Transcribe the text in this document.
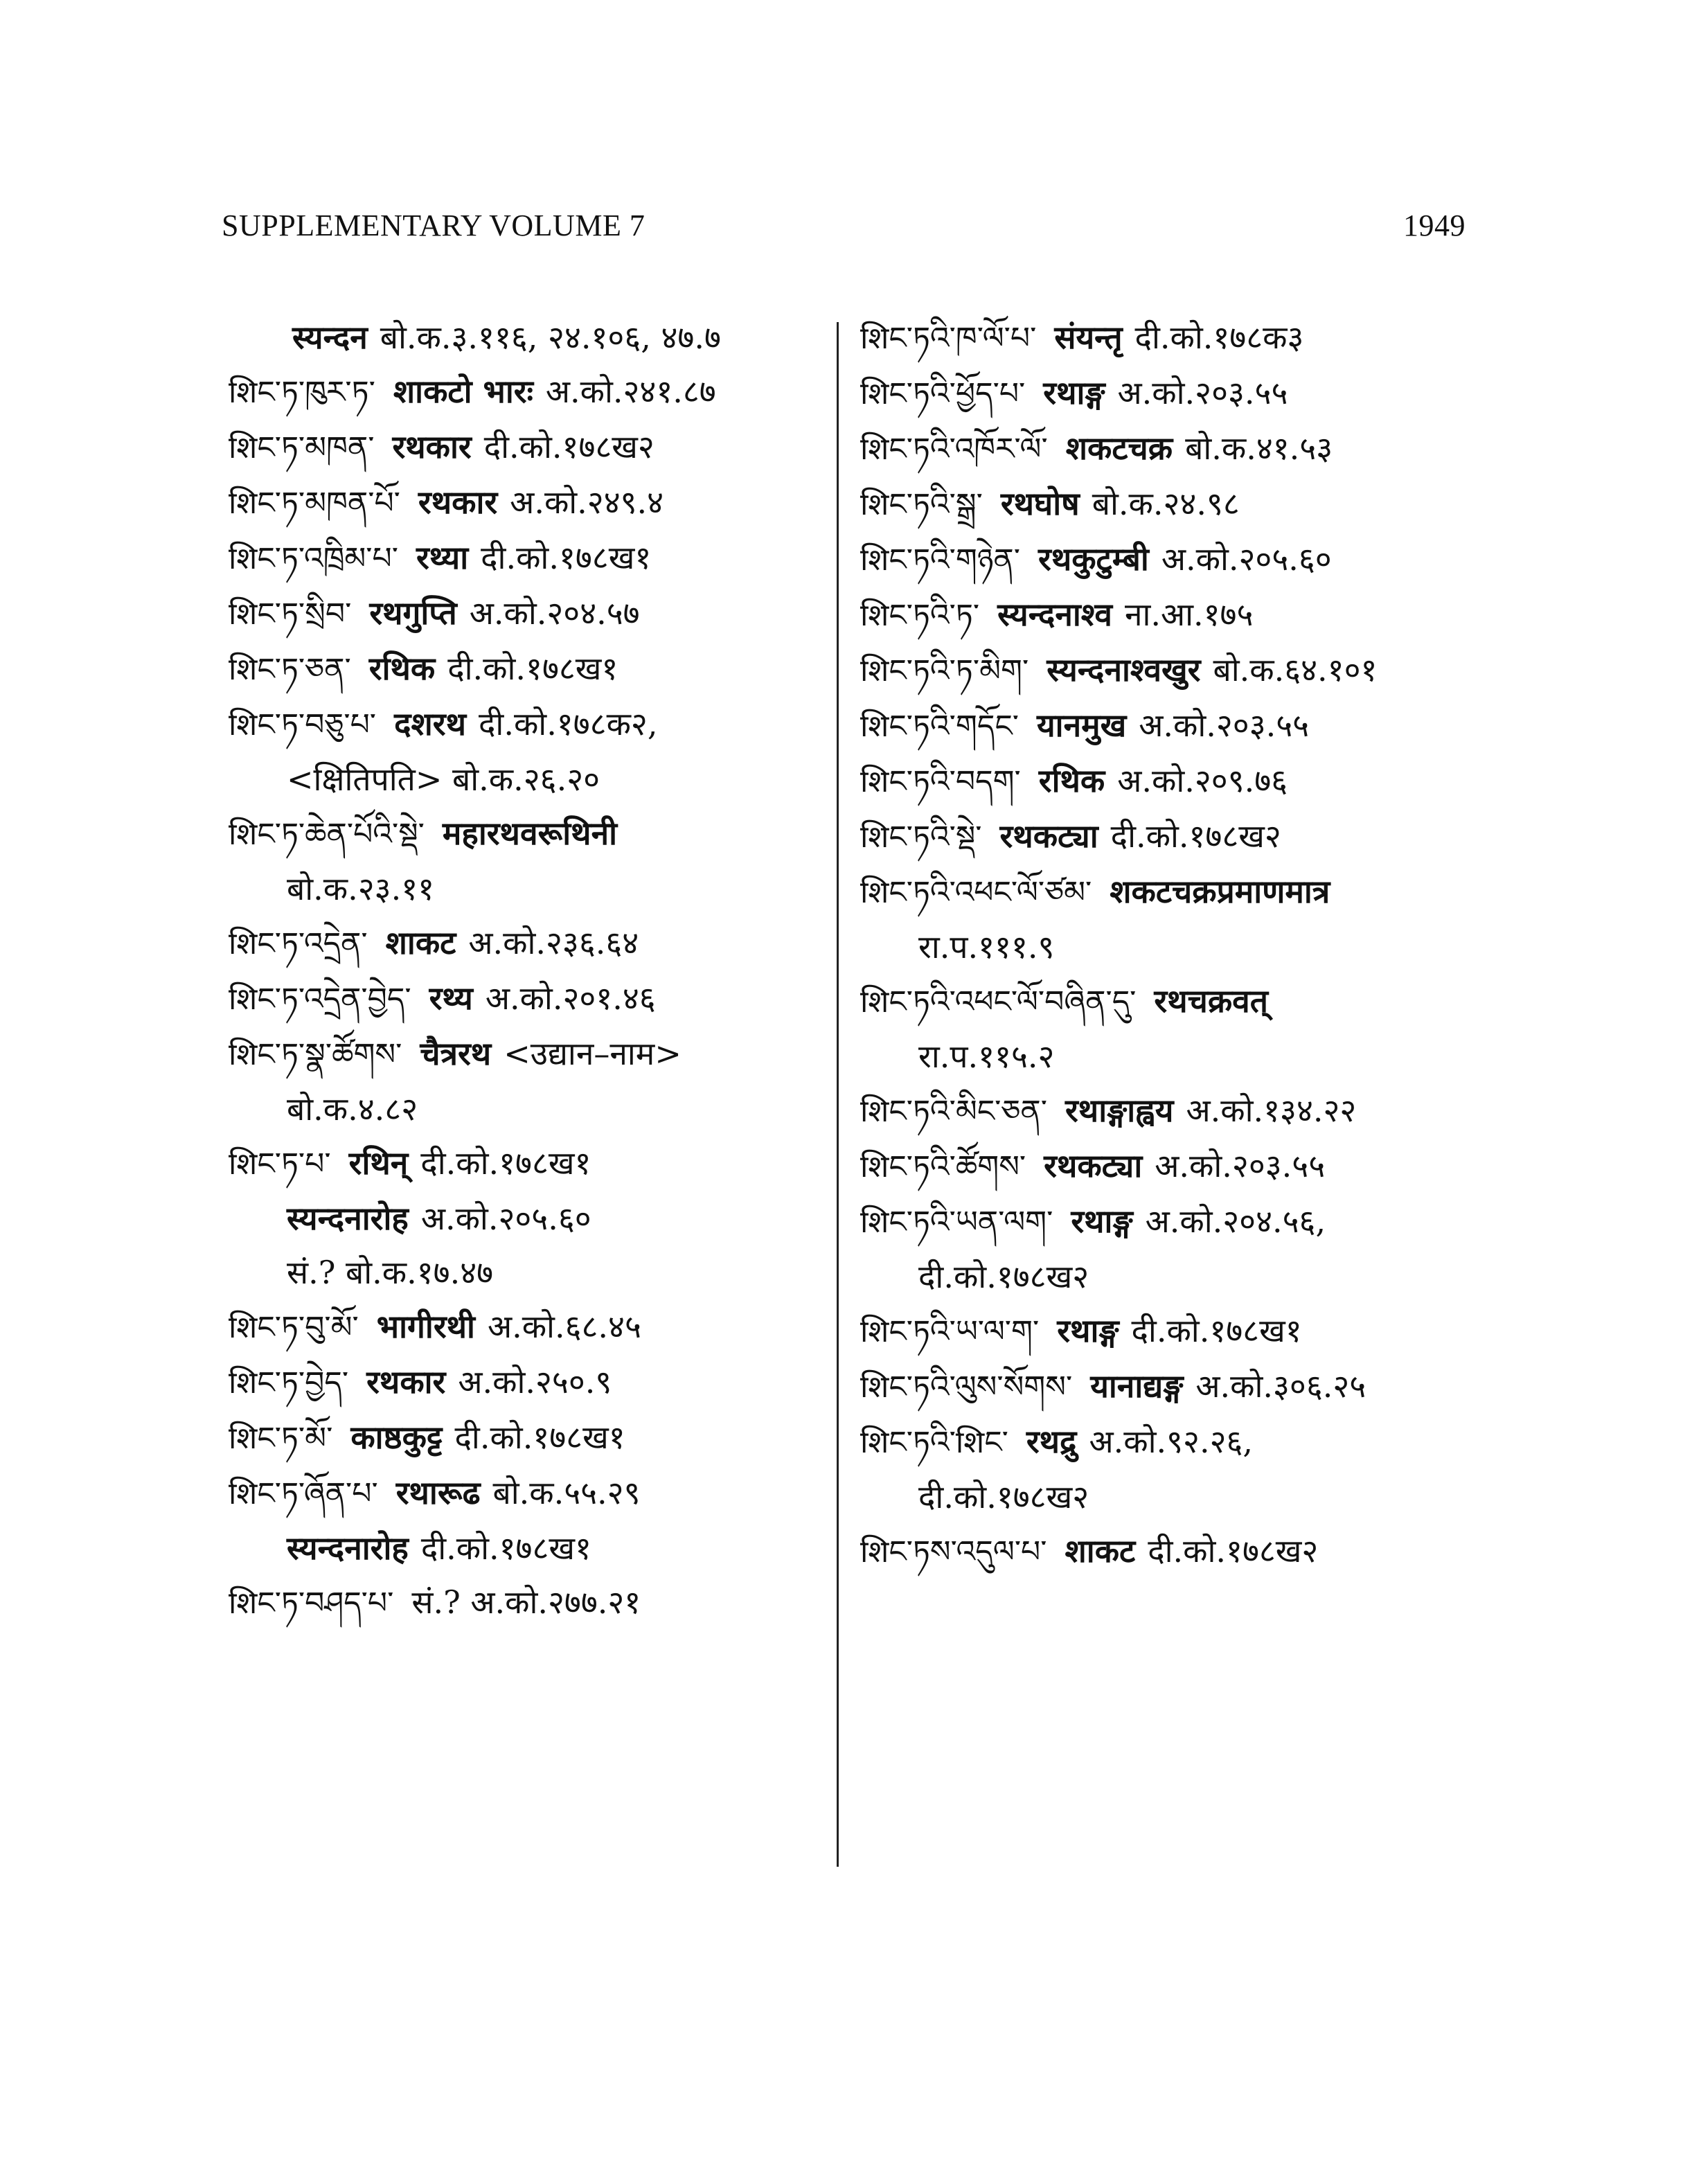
SUPPLEMENTARY VOLUME 7	1949
स्यन्दन बो.क.३.११६, २४.१०६, ४७.७
शिང་ཏ་ཁུར་ཏ་ शाकटो भारः अ.को.२४१.८७
शिང་ཏ་མཁན་ रथकार दी.को.१७८ख२
शिང་ཏ་མཁན་པོ་ रथकार अ.को.२४९.४
शिང་ཏ་འཁྲིམ་པ་ रथ्या दी.को.१७८ख१
शिང་ཏ་སྲིབ་ रथगुप्ति अ.को.२०४.५७
शिང་ཏ་ཅན་ रथिक दी.को.१७८ख१
शिང་ཏ་བཅུ་པ་ दशरथ दी.को.१७८क२,
<क्षितिपति> बो.क.२६.२०
शिང་ཏ་ཆེན་པོའི་སྡེ་ महारथवरूथिनी
बो.क.२३.११
शिང་ཏ་འདྲེན་ शाकट अ.को.२३६.६४
शिང་ཏ་འདྲེན་བྱེད་ रथ्य अ.को.२०१.४६
शिང་ཏ་སྣ་ཚོགས་ चैत्ररथ <उद्यान–नाम>
बो.क.४.८२
शिང་ཏ་པ་ रथिन् दी.को.१७८ख१
स्यन्दनारोह अ.को.२०५.६०
सं.? बो.क.१७.४७
शिང་ཏ་བུ་མོ་ भागीरथी अ.को.६८.४५
शिང་ཏ་བྱེད་ रथकार अ.को.२५०.९
शिང་ཏ་མོ་ काष्ठकुट्ट दी.को.१७८ख१
शिང་ཏ་ཞོན་པ་ रथारूढ बो.क.५५.२९
स्यन्दनारोह दी.को.१७८ख१
शिང་ཏ་བཤད་པ་ सं.? अ.को.२७७.२१
शिང་ཏའི་ཁ་ལོ་པ་ संयन्तृ दी.को.१७८क३
शिང་ཏའི་ཕྱོད་པ་ रथाङ्ग अ.को.२०३.५५
शिང་ཏའི་འཁོར་ལོ་ शकटचक्र बो.क.४१.५३
शिང་ཏའི་སྒྲ་ रथघोष बो.क.२४.९८
शिང་ཏའི་གཉེན་ रथकुटुम्बी अ.को.२०५.६०
शिང་ཏའི་ཏ་ स्यन्दनाश्व ना.आ.१७५
शिང་ཏའི་ཏ་མིག་ स्यन्दनाश्वखुर बो.क.६४.१०१
शिང་ཏའི་གདོང་ यानमुख अ.को.२०३.५५
शिང་ཏའི་བདག་ रथिक अ.को.२०९.७६
शिང་ཏའི་སྡེ་ रथकट्या दी.को.१७८ख२
शिང་ཏའི་འཕང་ལོ་ཙམ་ शकटचक्रप्रमाणमात्र
रा.प.१११.९
शिང་ཏའི་འཕང་ལོ་བཞིན་དུ་ रथचक्रवत्
रा.प.११५.२
शिང་ཏའི་མིང་ཅན་ रथाङ्गाह्वय अ.को.१३४.२२
शिང་ཏའི་ཚོགས་ रथकट्या अ.को.२०३.५५
शिང་ཏའི་ཡན་ལག་ रथाङ्ग अ.को.२०४.५६,
दी.को.१७८ख२
शिང་ཏའི་ཡ་ལ་ག་ रथाङ्ग दी.को.१७८ख१
शिང་ཏའི་ལུས་སོགས་ यानाद्यङ्ग अ.को.३०६.२५
शिང་ཏའི་शिང་ रथद्रु अ.को.९२.२६,
दी.को.१७८ख२
शिང་ཏས་འདུལ་པ་ शाकट दी.को.१७८ख२
